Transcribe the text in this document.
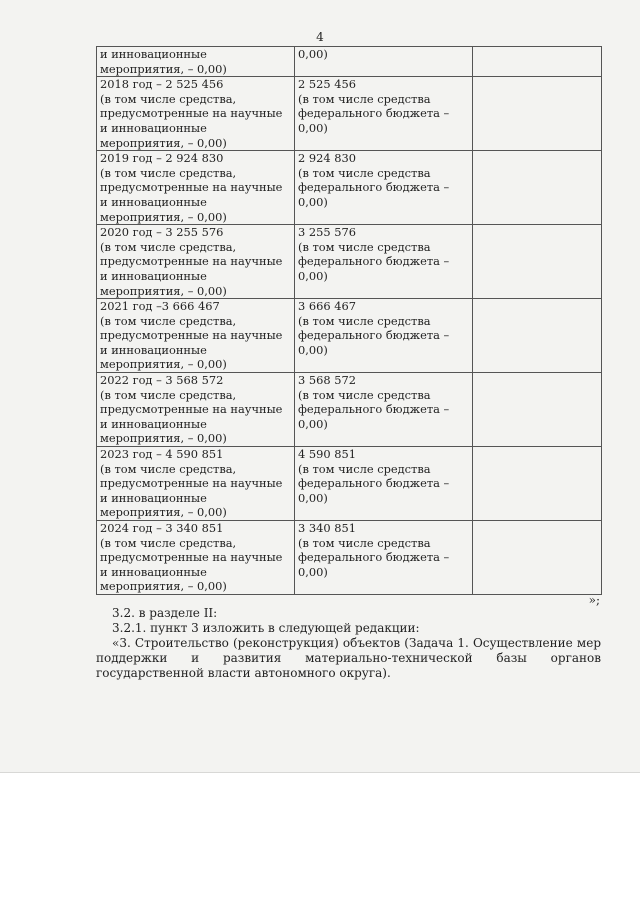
4
и инновационные
мероприятия, – 0,00)	0,00)	
2018 год – 2 525 456
(в том числе средства,
предусмотренные на научные
и инновационные
мероприятия, – 0,00)	2 525 456
(в том числе средства
федерального бюджета –
0,00)	
2019 год – 2 924 830
(в том числе средства,
предусмотренные на научные
и инновационные
мероприятия, – 0,00)	2 924 830
(в том числе средства
федерального бюджета –
0,00)	
2020 год – 3 255 576
(в том числе средства,
предусмотренные на научные
и инновационные
мероприятия, – 0,00)	3 255 576
(в том числе средства
федерального бюджета –
0,00)	
2021 год –3 666 467
(в том числе средства,
предусмотренные на научные
и инновационные
мероприятия, – 0,00)	3 666 467
(в том числе средства
федерального бюджета –
0,00)	
2022 год – 3 568 572
(в том числе средства,
предусмотренные на научные
и инновационные
мероприятия, – 0,00)	3 568 572
(в том числе средства
федерального бюджета –
0,00)	
2023 год – 4 590 851
(в том числе средства,
предусмотренные на научные
и инновационные
мероприятия, – 0,00)	4 590 851
(в том числе средства
федерального бюджета –
0,00)	
2024 год – 3 340 851
(в том числе средства,
предусмотренные на научные
и инновационные
мероприятия, – 0,00)	3 340 851
(в том числе средства
федерального бюджета –
0,00)	
»;
3.2. в разделе II:
3.2.1. пункт 3 изложить в следующей редакции:
«3. Строительство (реконструкция) объектов (Задача 1. Осуществление мер поддержки и развития материально-технической базы органов государственной власти автономного округа).
